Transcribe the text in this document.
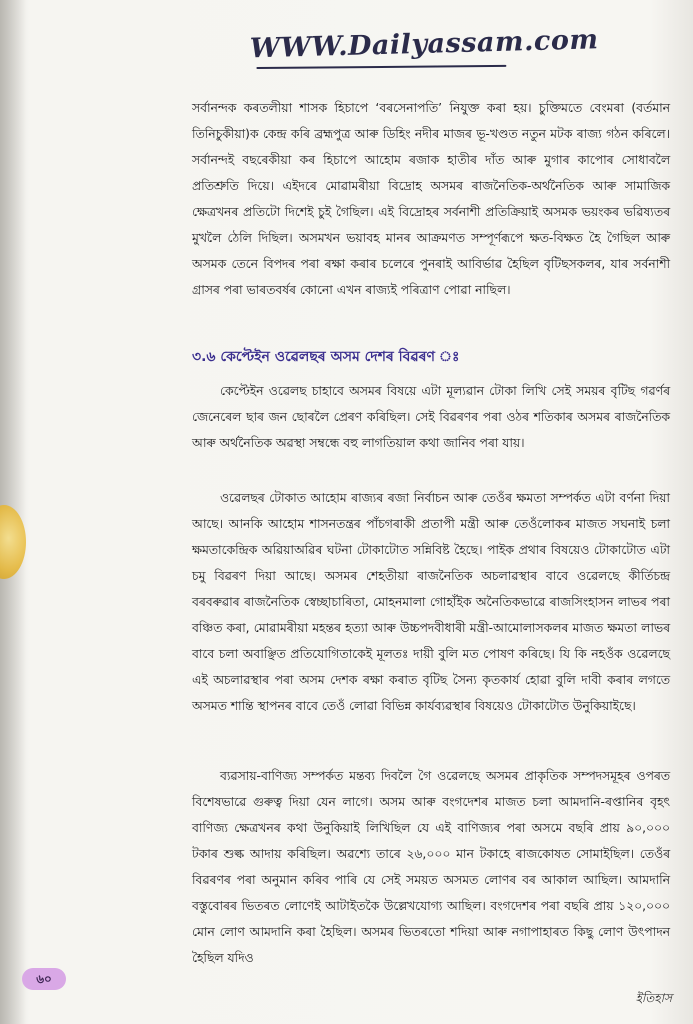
WWW.Dailyassam.com
সৰ্বানন্দক কৰতলীয়া শাসক হিচাপে ‘বৰসেনাপতি’ নিযুক্ত কৰা হয়। চুক্তিমতে বেংমৰা (বৰ্তমান তিনিচুকীয়া)ক কেন্দ্ৰ কৰি ব্ৰহ্মপুত্ৰ আৰু ডিহিং নদীৰ মাজৰ ভূ-খণ্ডত নতুন মটক ৰাজ্য গঠন কৰিলে। সৰ্বানন্দই বছৰেকীয়া কৰ হিচাপে আহোম ৰজাক হাতীৰ দাঁত আৰু মুগাৰ কাপোৰ সোধাবলৈ প্ৰতিশ্ৰুতি দিয়ে। এইদৰে মোৱামৰীয়া বিদ্ৰোহ অসমৰ ৰাজনৈতিক-অৰ্থনৈতিক আৰু সামাজিক ক্ষেত্ৰখনৰ প্ৰতিটো দিশেই চুই গৈছিল। এই বিদ্ৰোহৰ সৰ্বনাশী প্ৰতিক্ৰিয়াই অসমক ভয়ংকৰ ভৱিষ্যতৰ মুখলৈ ঠেলি দিছিল। অসমখন ভয়াবহ মানৰ আক্ৰমণত সম্পূৰ্ণৰূপে ক্ষত-বিক্ষত হৈ গৈছিল আৰু অসমক তেনে বিপদৰ পৰা ৰক্ষা কৰাৰ চলেৰে পুনৰাই আবিৰ্ভাৱ হৈছিল বৃটিছসকলৰ, যাৰ সৰ্বনাশী গ্ৰাসৰ পৰা ভাৰতবৰ্ষৰ কোনো এখন ৰাজ্যই পৰিত্ৰাণ পোৱা নাছিল।
৩.৬ কেপ্টেইন ওৱেলছৰ অসম দেশৰ বিৱৰণ ঃ
কেপ্টেইন ওৱেলছ চাহাবে অসমৰ বিষয়ে এটা মূল্যৱান টোকা লিখি সেই সময়ৰ বৃটিছ গৱৰ্ণৰ জেনেৰেল ছাৰ জন ছোৰলৈ প্ৰেৰণ কৰিছিল। সেই বিৱৰণৰ পৰা ওঠৰ শতিকাৰ অসমৰ ৰাজনৈতিক আৰু অৰ্থনৈতিক অৱস্থা সম্বন্ধে বহু লাগতিয়াল কথা জানিব পৰা যায়।
ওৱেলছৰ টোকাত আহোম ৰাজ্যৰ ৰজা নিৰ্বাচন আৰু তেওঁৰ ক্ষমতা সম্পৰ্কত এটা বৰ্ণনা দিয়া আছে। আনকি আহোম শাসনতন্ত্ৰৰ পাঁচগৰাকী প্ৰতাপী মন্ত্ৰী আৰু তেওঁলোকৰ মাজত সঘনাই চলা ক্ষমতাকেন্দ্ৰিক অৱিয়াঅৱিৰ ঘটনা টোকাটোত সন্নিবিষ্ট হৈছে। পাইক প্ৰথাৰ বিষয়েও টোকাটোত এটা চমু বিৱৰণ দিয়া আছে। অসমৰ শেহতীয়া ৰাজনৈতিক অচলাৱস্থাৰ বাবে ওৱেলছে কীৰ্তিচন্দ্ৰ বৰবৰুৱাৰ ৰাজনৈতিক স্বেচ্ছাচাৰিতা, মোহনমালা গোহাঁইক অনৈতিকভাৱে ৰাজসিংহাসন লাভৰ পৰা বঞ্চিত কৰা, মোৱামৰীয়া মহন্তৰ হত্যা আৰু উচ্চপদবীধাৰী মন্ত্ৰী-আমোলাসকলৰ মাজত ক্ষমতা লাভৰ বাবে চলা অবাঞ্ছিত প্ৰতিযোগিতাকেই মূলতঃ দায়ী বুলি মত পোষণ কৰিছে। যি কি নহওঁক ওৱেলছে এই অচলাৱস্থাৰ পৰা অসম দেশক ৰক্ষা কৰাত বৃটিছ সৈন্য কৃতকাৰ্য হোৱা বুলি দাবী কৰাৰ লগতে অসমত শান্তি স্থাপনৰ বাবে তেওঁ লোৱা বিভিন্ন কাৰ্যব্যৱস্থাৰ বিষয়েও টোকাটোত উনুকিয়াইছে।
ব্যৱসায়-বাণিজ্য সম্পৰ্কত মন্তব্য দিবলৈ গৈ ওৱেলছে অসমৰ প্ৰাকৃতিক সম্পদসমূহৰ ওপৰত বিশেষভাৱে গুৰুত্ব দিয়া যেন লাগে। অসম আৰু বংগদেশৰ মাজত চলা আমদানি-ৰপ্তানিৰ বৃহৎ বাণিজ্য ক্ষেত্ৰখনৰ কথা উনুকিয়াই লিখিছিল যে এই বাণিজ্যৰ পৰা অসমে বছৰি প্ৰায় ৯০,০০০ টকাৰ শুল্ক আদায় কৰিছিল। অৱশ্যে তাৰে ২৬,০০০ মান টকাহে ৰাজকোষত সোমাইছিল। তেওঁৰ বিৱৰণৰ পৰা অনুমান কৰিব পাৰি যে সেই সময়ত অসমত লোণৰ বৰ আকাল আছিল। আমদানি বস্তুবোৰৰ ভিতৰত লোণেই আটাইতকৈ উল্লেখযোগ্য আছিল। বংগদেশৰ পৰা বছৰি প্ৰায় ১২০,০০০ মোন লোণ আমদানি কৰা হৈছিল। অসমৰ ভিতৰতো শদিয়া আৰু নগাপাহাৰত কিছু লোণ উৎপাদন হৈছিল যদিও
৬০
ইতিহাস
